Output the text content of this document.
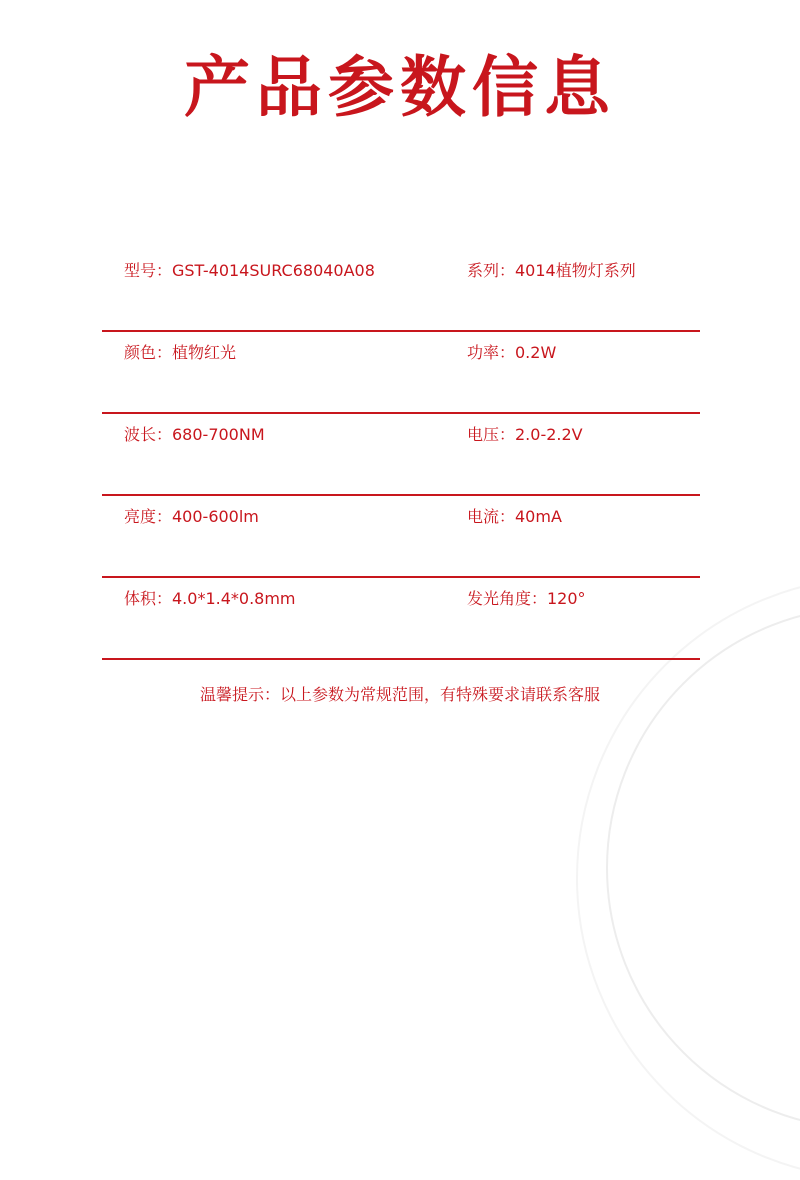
产品参数信息
型号：GST-4014SURC68040A08	系列：4014植物灯系列
颜色：植物红光	功率：0.2W
波长：680-700NM	电压：2.0-2.2V
亮度：400-600lm	电流：40mA
体积：4.0*1.4*0.8mm	发光角度：120°
温馨提示：以上参数为常规范围，有特殊要求请联系客服
